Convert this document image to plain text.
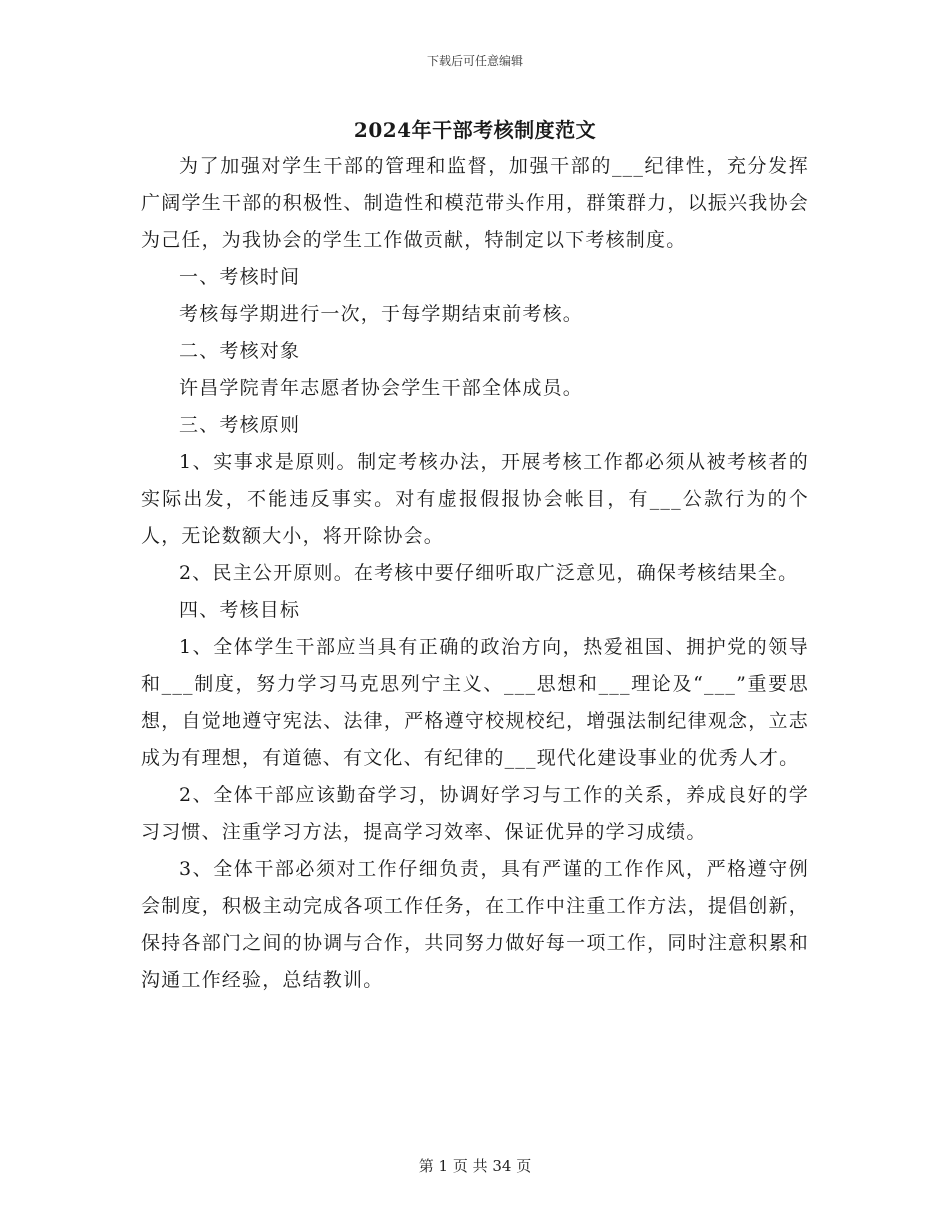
下载后可任意编辑
2024年干部考核制度范文

为了加强对学生干部的管理和监督，加强干部的___纪律性，充分发挥广阔学生干部的积极性、制造性和模范带头作用，群策群力，以振兴我协会为己任，为我协会的学生工作做贡献，特制定以下考核制度。

一、考核时间

考核每学期进行一次，于每学期结束前考核。

二、考核对象

许昌学院青年志愿者协会学生干部全体成员。

三、考核原则

1、实事求是原则。制定考核办法，开展考核工作都必须从被考核者的实际出发，不能违反事实。对有虚报假报协会帐目，有___公款行为的个人，无论数额大小，将开除协会。

2、民主公开原则。在考核中要仔细听取广泛意见，确保考核结果全。

四、考核目标

1、全体学生干部应当具有正确的政治方向，热爱祖国、拥护党的领导和___制度，努力学习马克思列宁主义、___思想和___理论及“___”重要思想，自觉地遵守宪法、法律，严格遵守校规校纪，增强法制纪律观念，立志成为有理想，有道德、有文化、有纪律的___现代化建设事业的优秀人才。

2、全体干部应该勤奋学习，协调好学习与工作的关系，养成良好的学习习惯、注重学习方法，提高学习效率、保证优异的学习成绩。

3、全体干部必须对工作仔细负责，具有严谨的工作作风，严格遵守例会制度，积极主动完成各项工作任务，在工作中注重工作方法，提倡创新，保持各部门之间的协调与合作，共同努力做好每一项工作，同时注意积累和沟通工作经验，总结教训。

第 1 页 共 34 页
